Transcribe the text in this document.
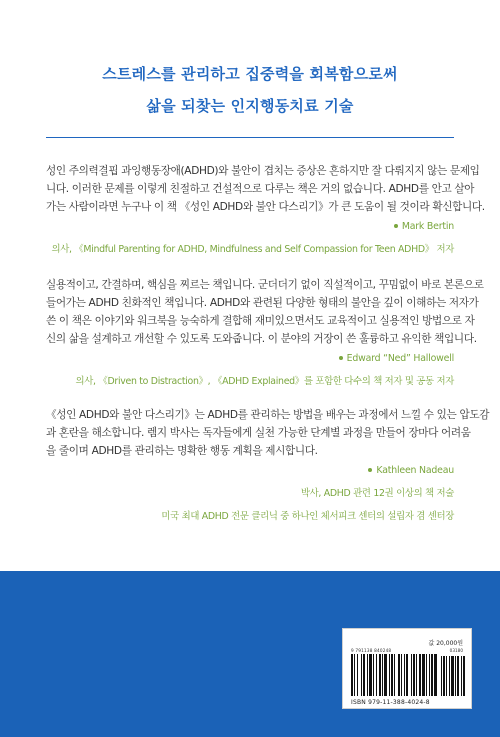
스트레스를 관리하고 집중력을 회복함으로써
삶을 되찾는 인지행동치료 기술
성인 주의력결핍 과잉행동장애(ADHD)와 불안이 겹치는 증상은 흔하지만 잘 다뤄지지 않는 문제입
니다. 이러한 문제를 이렇게 친절하고 건설적으로 다루는 책은 거의 없습니다. ADHD를 안고 살아
가는 사람이라면 누구나 이 책 《성인 ADHD와 불안 다스리기》가 큰 도움이 될 것이라 확신합니다.
Mark Bertin
의사, 《Mindful Parenting for ADHD, Mindfulness and Self Compassion for Teen ADHD》 저자
실용적이고, 간결하며, 핵심을 찌르는 책입니다. 군더더기 없이 직설적이고, 꾸밈없이 바로 본론으로
들어가는 ADHD 친화적인 책입니다. ADHD와 관련된 다양한 형태의 불안을 깊이 이해하는 저자가
쓴 이 책은 이야기와 워크북을 능숙하게 결합해 재미있으면서도 교육적이고 실용적인 방법으로 자
신의 삶을 설계하고 개선할 수 있도록 도와줍니다. 이 분야의 거장이 쓴 훌륭하고 유익한 책입니다.
Edward “Ned” Hallowell
의사, 《Driven to Distraction》, 《ADHD Explained》를 포함한 다수의 책 저자 및 공동 저자
《성인 ADHD와 불안 다스리기》는 ADHD를 관리하는 방법을 배우는 과정에서 느낄 수 있는 압도감
과 혼란을 해소합니다. 렘지 박사는 독자들에게 실천 가능한 단계별 과정을 만들어 장마다 어려움
을 줄이며 ADHD를 관리하는 명확한 행동 계획을 제시합니다.
Kathleen Nadeau
박사, ADHD 관련 12권 이상의 책 저술
미국 최대 ADHD 전문 클리닉 중 하나인 체서피크 센터의 설립자 겸 센터장
값 20,000원
9 791138 840248	03180
ISBN 979-11-388-4024-8
